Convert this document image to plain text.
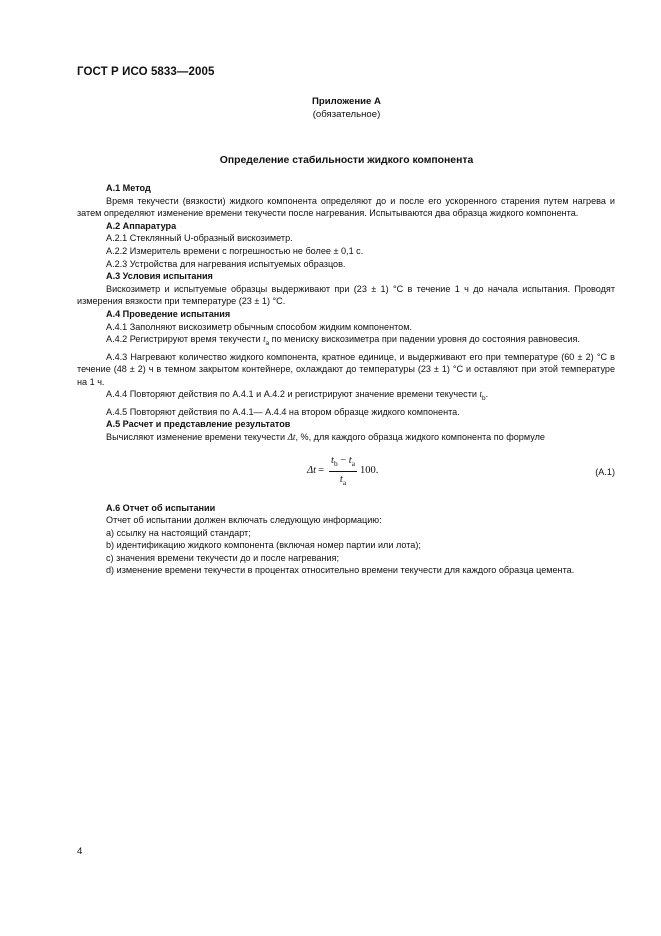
ГОСТ Р ИСО 5833—2005
Приложение А
(обязательное)
Определение стабильности жидкого компонента

А.1 Метод

Время текучести (вязкости) жидкого компонента определяют до и после его ускоренного старения путем нагрева и затем определяют изменение времени текучести после нагревания. Испытываются два образца жидкого компонента.

А.2 Аппаратура

А.2.1 Стеклянный U-образный вискозиметр.

А.2.2 Измеритель времени с погрешностью не более ± 0,1 с.

А.2.3 Устройства для нагревания испытуемых образцов.

А.3 Условия испытания

Вискозиметр и испытуемые образцы выдерживают при (23 ± 1) °С в течение 1 ч до начала испытания. Проводят измерения вязкости при температуре (23 ± 1) °С.

А.4 Проведение испытания

А.4.1 Заполняют вискозиметр обычным способом жидким компонентом.

А.4.2 Регистрируют время текучести $t_a$ по мениску вискозиметра при падении уровня до состояния равновесия.

А.4.3 Нагревают количество жидкого компонента, кратное единице, и выдерживают его при температуре (60 ± 2) °С в течение (48 ± 2) ч в темном закрытом контейнере, охлаждают до температуры (23 ± 1) °С и оставляют при этой температуре на 1 ч.

А.4.4 Повторяют действия по А.4.1 и А.4.2 и регистрируют значение времени текучести $t_b$.

А.4.5 Повторяют действия по А.4.1— А.4.4 на втором образце жидкого компонента.

А.5 Расчет и представление результатов

Вычисляют изменение времени текучести Δt, %, для каждого образца жидкого компонента по формуле

$\Delta t = \frac{t_b - t_a}{t_a} 100$.	(А.1)

А.6 Отчет об испытании

Отчет об испытании должен включать следующую информацию:

а) ссылку на настоящий стандарт;

b) идентификацию жидкого компонента (включая номер партии или лота);

с) значения времени текучести до и после нагревания;

d) изменение времени текучести в процентах относительно времени текучести для каждого образца цемента.

4
